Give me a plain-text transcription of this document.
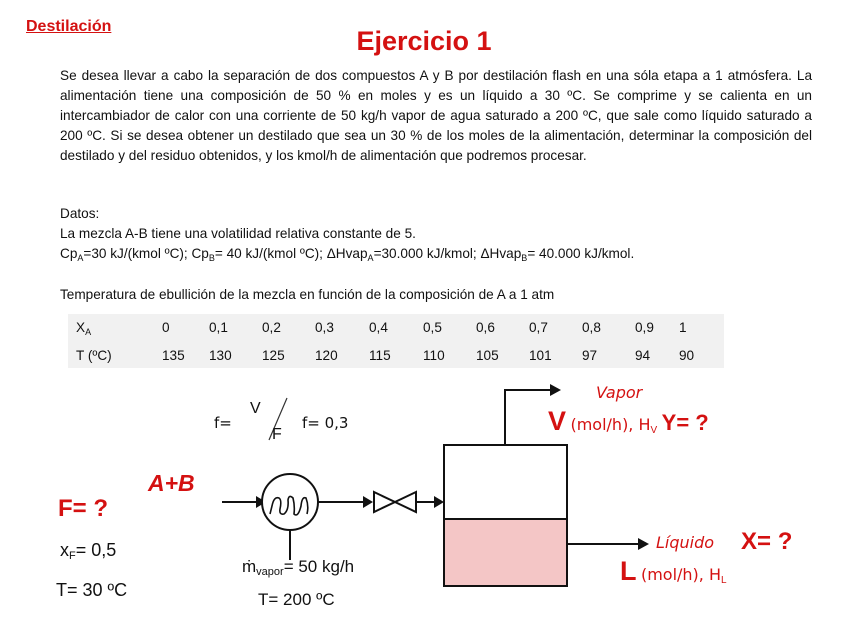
Destilación	Ejercicio 1
Se desea llevar a cabo la separación de dos compuestos A y B por destilación flash en una sóla etapa a 1 atmósfera. La alimentación tiene una composición de 50 % en moles y es un líquido a 30 ºC. Se comprime y se calienta en un intercambiador de calor con una corriente de 50 kg/h vapor de agua saturado a 200 ºC, que sale como líquido saturado a 200 ºC. Si se desea obtener un destilado que sea un 30 % de los moles de la alimentación, determinar la composición del destilado y del residuo obtenidos, y los kmol/h de alimentación que podremos procesar.
Datos:
La mezcla A-B tiene una volatilidad relativa constante de 5.
$Cp_A=30$ kJ/(kmol ºC); $Cp_B= 40$ kJ/(kmol ºC); ΔHvap$_A$=30.000 kJ/kmol; ΔHvap$_B$= 40.000 kJ/kmol.
Temperatura de ebullición de la mezcla en función de la composición de A a 1 atm
$X_A$
T (ºC)
0
135
0,1
130
0,2
125
0,3
120
0,4
115
0,5
110
0,6
105
0,7
101
0,8
97
0,9
94
1
90
f=
V
F
f= 0,3
A+B
F= ?
$x_F= 0,5$
T= 30 ºC
ṁ$_{vapor}$= 50 kg/h
T= 200 ºC
Vapor
V (mol/h), $H_V$ Y= ?
Líquido X= ?
L (mol/h), $H_L$
